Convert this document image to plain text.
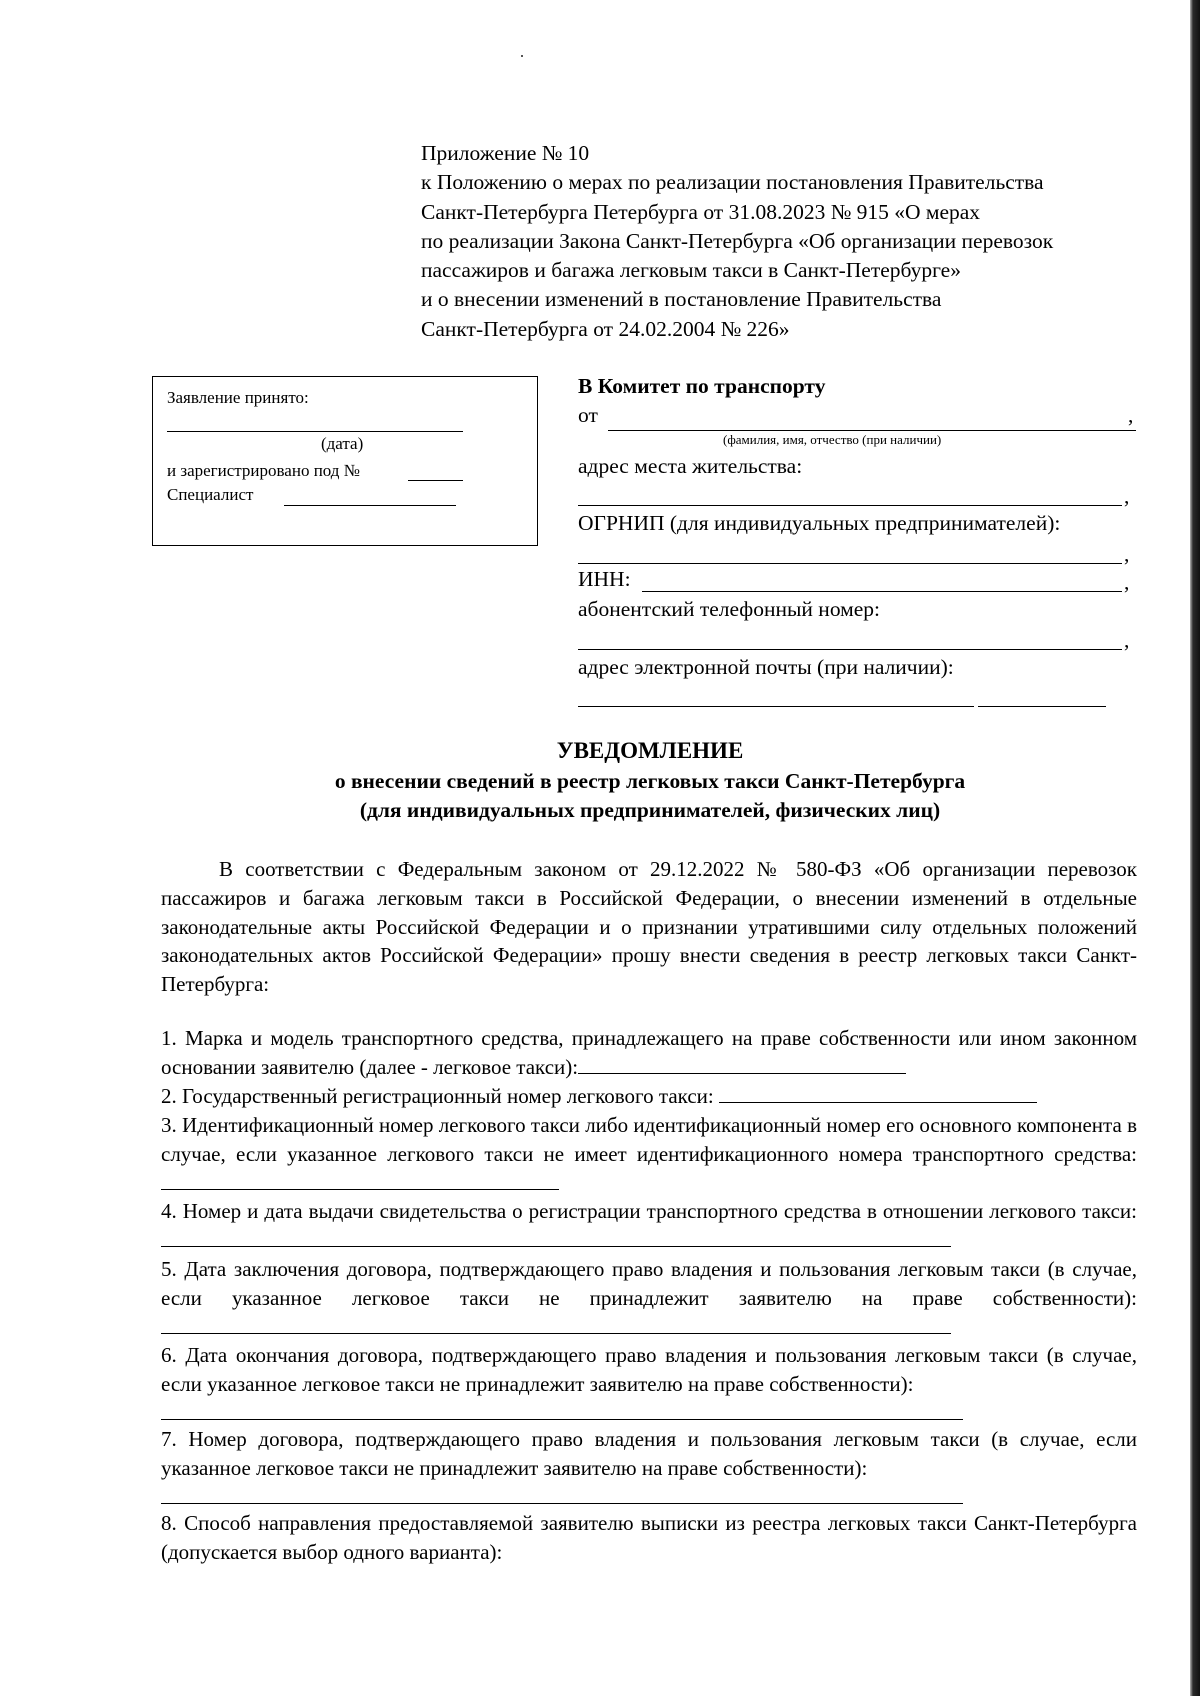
Приложение № 10
к Положению о мерах по реализации постановления Правительства
Санкт-Петербурга Петербурга от 31.08.2023 № 915 «О мерах
по реализации Закона Санкт-Петербурга «Об организации перевозок
пассажиров и багажа легковым такси в Санкт-Петербурге»
и о внесении изменений в постановление Правительства
Санкт-Петербурга от 24.02.2004 № 226»
Заявление принято:
(дата)
и зарегистрировано под №
Специалист
В Комитет по транспорту
от	,
(фамилия, имя, отчество (при наличии)
адрес места жительства:
,
ОГРНИП (для индивидуальных предпринимателей):
,
ИНН:	,
абонентский телефонный номер:
,
адрес электронной почты (при наличии):
УВЕДОМЛЕНИЕ
о внесении сведений в реестр легковых такси Санкт-Петербурга
(для индивидуальных предпринимателей, физических лиц)
В соответствии с Федеральным законом от 29.12.2022 № 580-ФЗ «Об организации перевозок пассажиров и багажа легковым такси в Российской Федерации, о внесении изменений в отдельные законодательные акты Российской Федерации и о признании утратившими силу отдельных положений законодательных актов Российской Федерации» прошу внести сведения в реестр легковых такси Санкт-Петербурга:
1. Марка и модель транспортного средства, принадлежащего на праве собственности или ином законном основании заявителю (далее - легковое такси):
2. Государственный регистрационный номер легкового такси:
3. Идентификационный номер легкового такси либо идентификационный номер его основного компонента в случае, если указанное легкового такси не имеет идентификационного номера транспортного средства:
4. Номер и дата выдачи свидетельства о регистрации транспортного средства в отношении легкового такси:
5. Дата заключения договора, подтверждающего право владения и пользования легковым такси (в случае, если указанное легковое такси не принадлежит заявителю на праве собственности):
6. Дата окончания договора, подтверждающего право владения и пользования легковым такси (в случае, если указанное легковое такси не принадлежит заявителю на праве собственности):
7. Номер договора, подтверждающего право владения и пользования легковым такси (в случае, если указанное легковое такси не принадлежит заявителю на праве собственности):
8. Способ направления предоставляемой заявителю выписки из реестра легковых такси Санкт-Петербурга (допускается выбор одного варианта):
